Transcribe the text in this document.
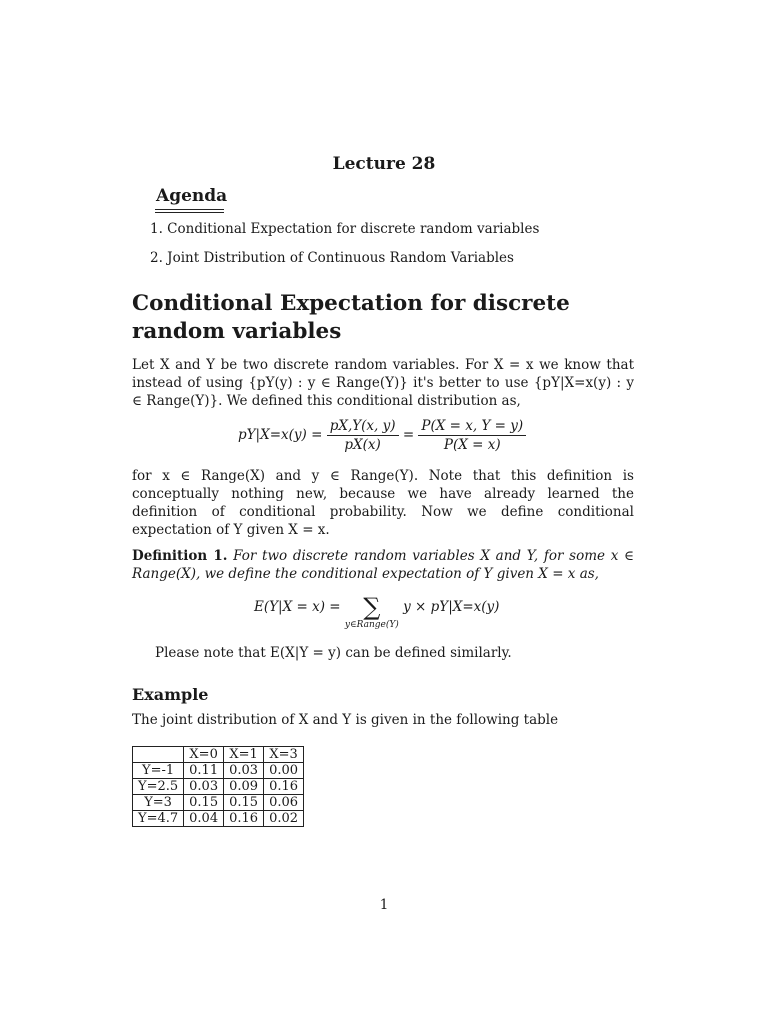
Lecture 28
Agenda
1. Conditional Expectation for discrete random variables
2. Joint Distribution of Continuous Random Variables
Conditional Expectation for discrete random variables
Let X and Y be two discrete random variables. For X = x we know that instead of using {pY(y) : y ∈ Range(Y)} it's better to use {pY|X=x(y) : y ∈ Range(Y)}. We defined this conditional distribution as,
$pY|X=x(y) = \frac{pX,Y(x, y)}{pX(x)} = \frac{P(X = x, Y = y)}{P(X = x)}$
for x ∈ Range(X) and y ∈ Range(Y). Note that this definition is conceptually nothing new, because we have already learned the definition of conditional probability. Now we define conditional expectation of Y given X = x.
Definition 1. For two discrete random variables X and Y, for some x ∈ Range(X), we define the conditional expectation of Y given X = x as,
E(Y|X = x) = ∑
y∈Range(Y)
y × pY|X=x(y)
Please note that E(X|Y = y) can be defined similarly.
Example
The joint distribution of X and Y is given in the following table
	X=0	X=1	X=3
Y=-1	0.11	0.03	0.00
Y=2.5	0.03	0.09	0.16
Y=3	0.15	0.15	0.06
Y=4.7	0.04	0.16	0.02
1
